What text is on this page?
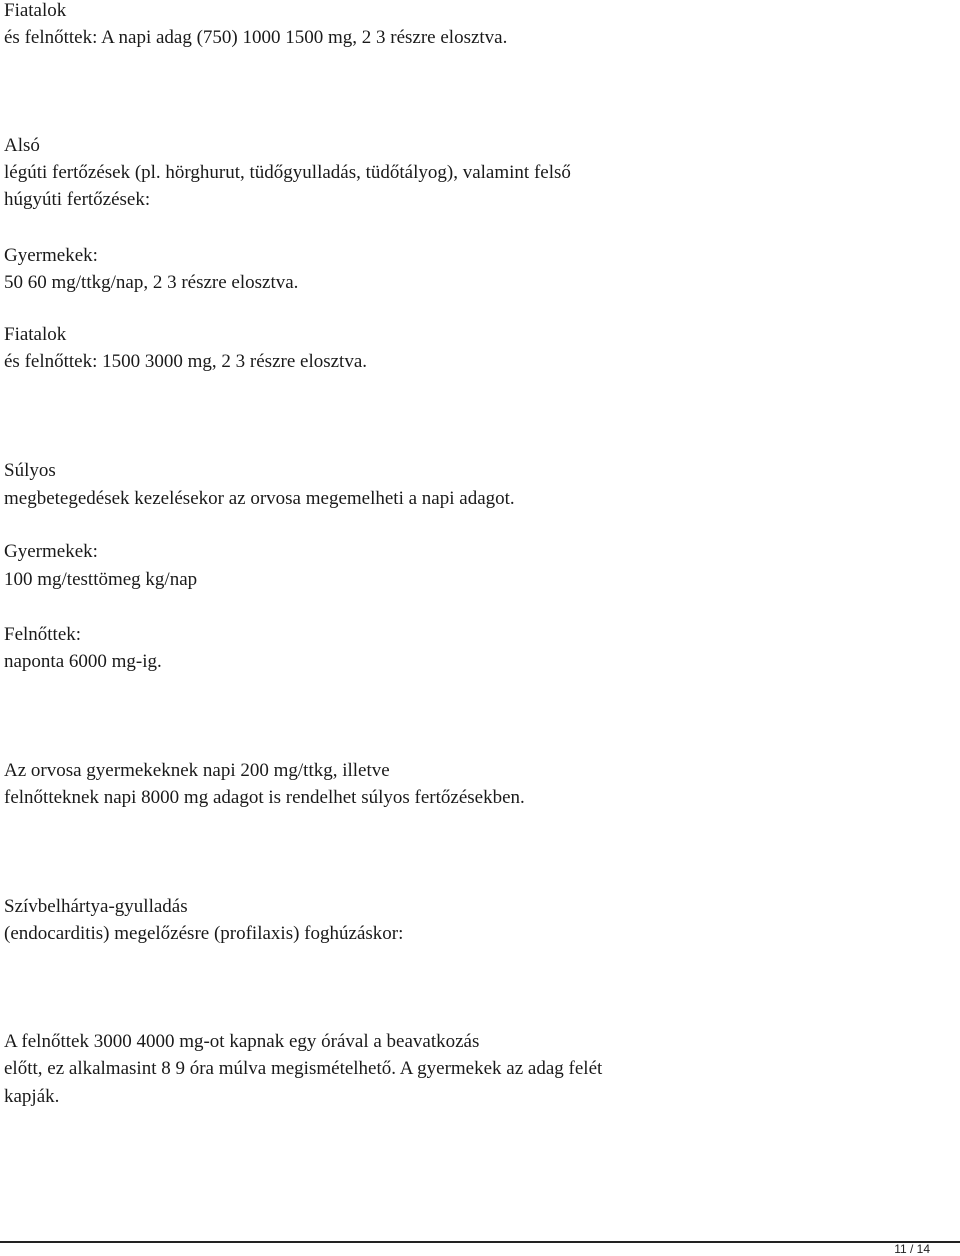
Fiatalok

és felnőttek: A napi adag (750) 1000 1500 mg, 2 3 részre elosztva.

Alsó

légúti fertőzések (pl. hörghurut, tüdőgyulladás, tüdőtályog), valamint felső

húgyúti fertőzések:

Gyermekek:

50 60 mg/ttkg/nap, 2 3 részre elosztva.

Fiatalok

és felnőttek: 1500 3000 mg, 2 3 részre elosztva.

Súlyos

megbetegedések kezelésekor az orvosa megemelheti a napi adagot.

Gyermekek:

100 mg/testtömeg kg/nap

Felnőttek:

naponta 6000 mg-ig.

Az orvosa gyermekeknek napi 200 mg/ttkg, illetve

felnőtteknek napi 8000 mg adagot is rendelhet súlyos fertőzésekben.

Szívbelhártya-gyulladás

(endocarditis) megelőzésre (profilaxis) foghúzáskor:

A felnőttek 3000 4000 mg-ot kapnak egy órával a beavatkozás

előtt, ez alkalmasint 8 9 óra múlva megismételhető. A gyermekek az adag felét

kapják.

11 / 14
